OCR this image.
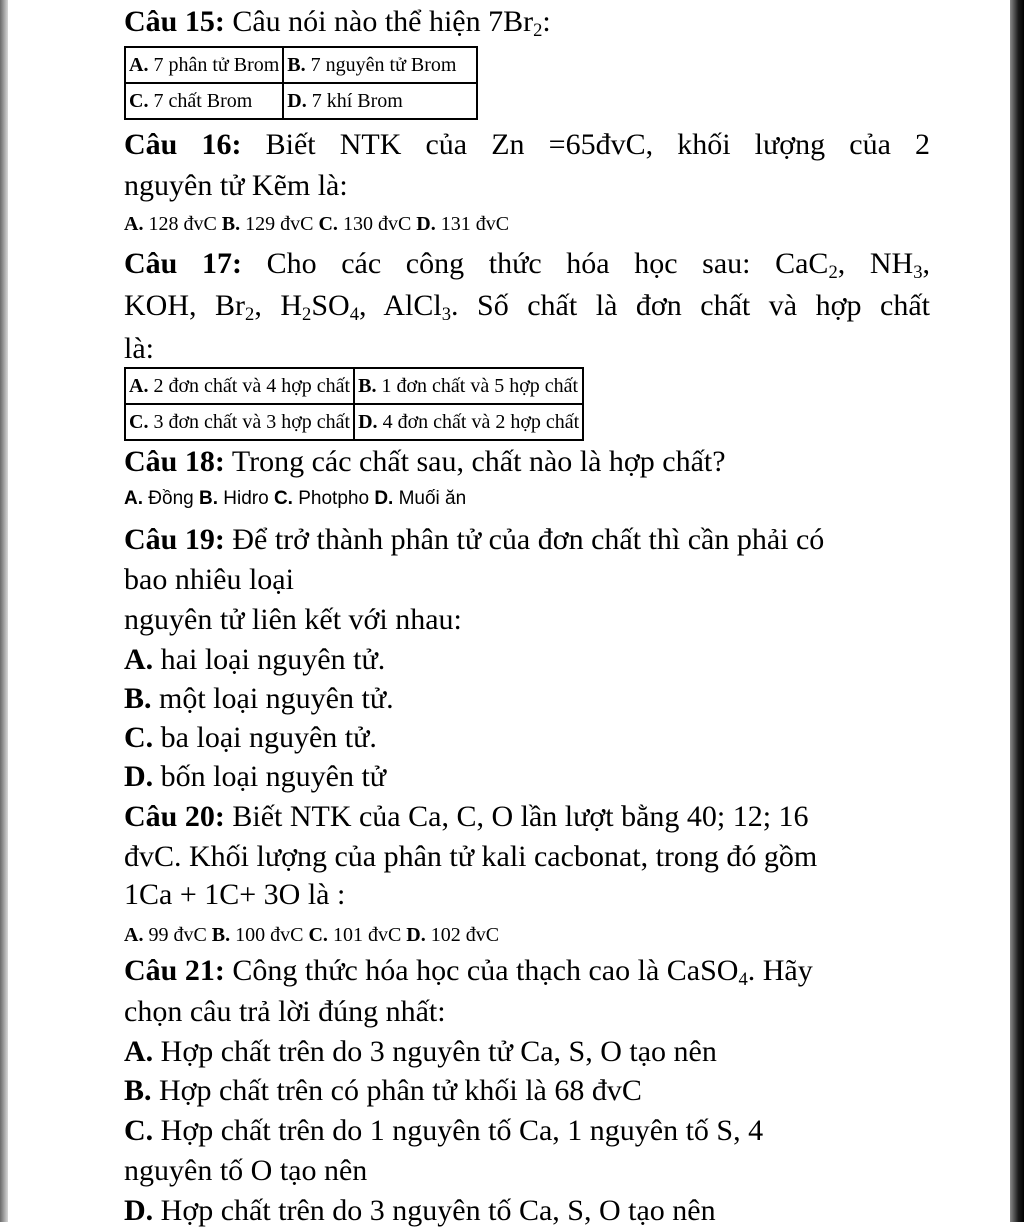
Câu 15: Câu nói nào thể hiện $7Br_2$:
A. 7 phân tử Brom	B. 7 nguyên tử Brom
C. 7 chất Brom	D. 7 khí Brom
Câu 16: Biết NTK của Zn =65đvC, khối lượng của 2
nguyên tử Kẽm là:
A. 128 đvC B. 129 đvC C. 130 đvC D. 131 đvC
Câu 17: Cho các công thức hóa học sau: CaC$_2$, $NH_3$,
KOH, $Br_2$, $H_2SO_4$, AlCl$_3$. Số chất là đơn chất và hợp chất
là:
A. 2 đơn chất và 4 hợp chất	B. 1 đơn chất và 5 hợp chất
C. 3 đơn chất và 3 hợp chất	D. 4 đơn chất và 2 hợp chất
Câu 18: Trong các chất sau, chất nào là hợp chất?
A. Đồng B. Hidro C. Photpho D. Muối ăn
Câu 19: Để trở thành phân tử của đơn chất thì cần phải có
bao nhiêu loại
nguyên tử liên kết với nhau:
A. hai loại nguyên tử.
B. một loại nguyên tử.
C. ba loại nguyên tử.
D. bốn loại nguyên tử
Câu 20: Biết NTK của Ca, C, O lần lượt bằng 40; 12; 16
đvC. Khối lượng của phân tử kali cacbonat, trong đó gồm
1Ca + 1C+ 3O là :
A. 99 đvC B. 100 đvC C. 101 đvC D. 102 đvC
Câu 21: Công thức hóa học của thạch cao là CaSO$_4$. Hãy
chọn câu trả lời đúng nhất:
A. Hợp chất trên do 3 nguyên tử Ca, S, O tạo nên
B. Hợp chất trên có phân tử khối là 68 đvC
C. Hợp chất trên do 1 nguyên tố Ca, 1 nguyên tố S, 4
nguyên tố O tạo nên
D. Hợp chất trên do 3 nguyên tố Ca, S, O tạo nên
